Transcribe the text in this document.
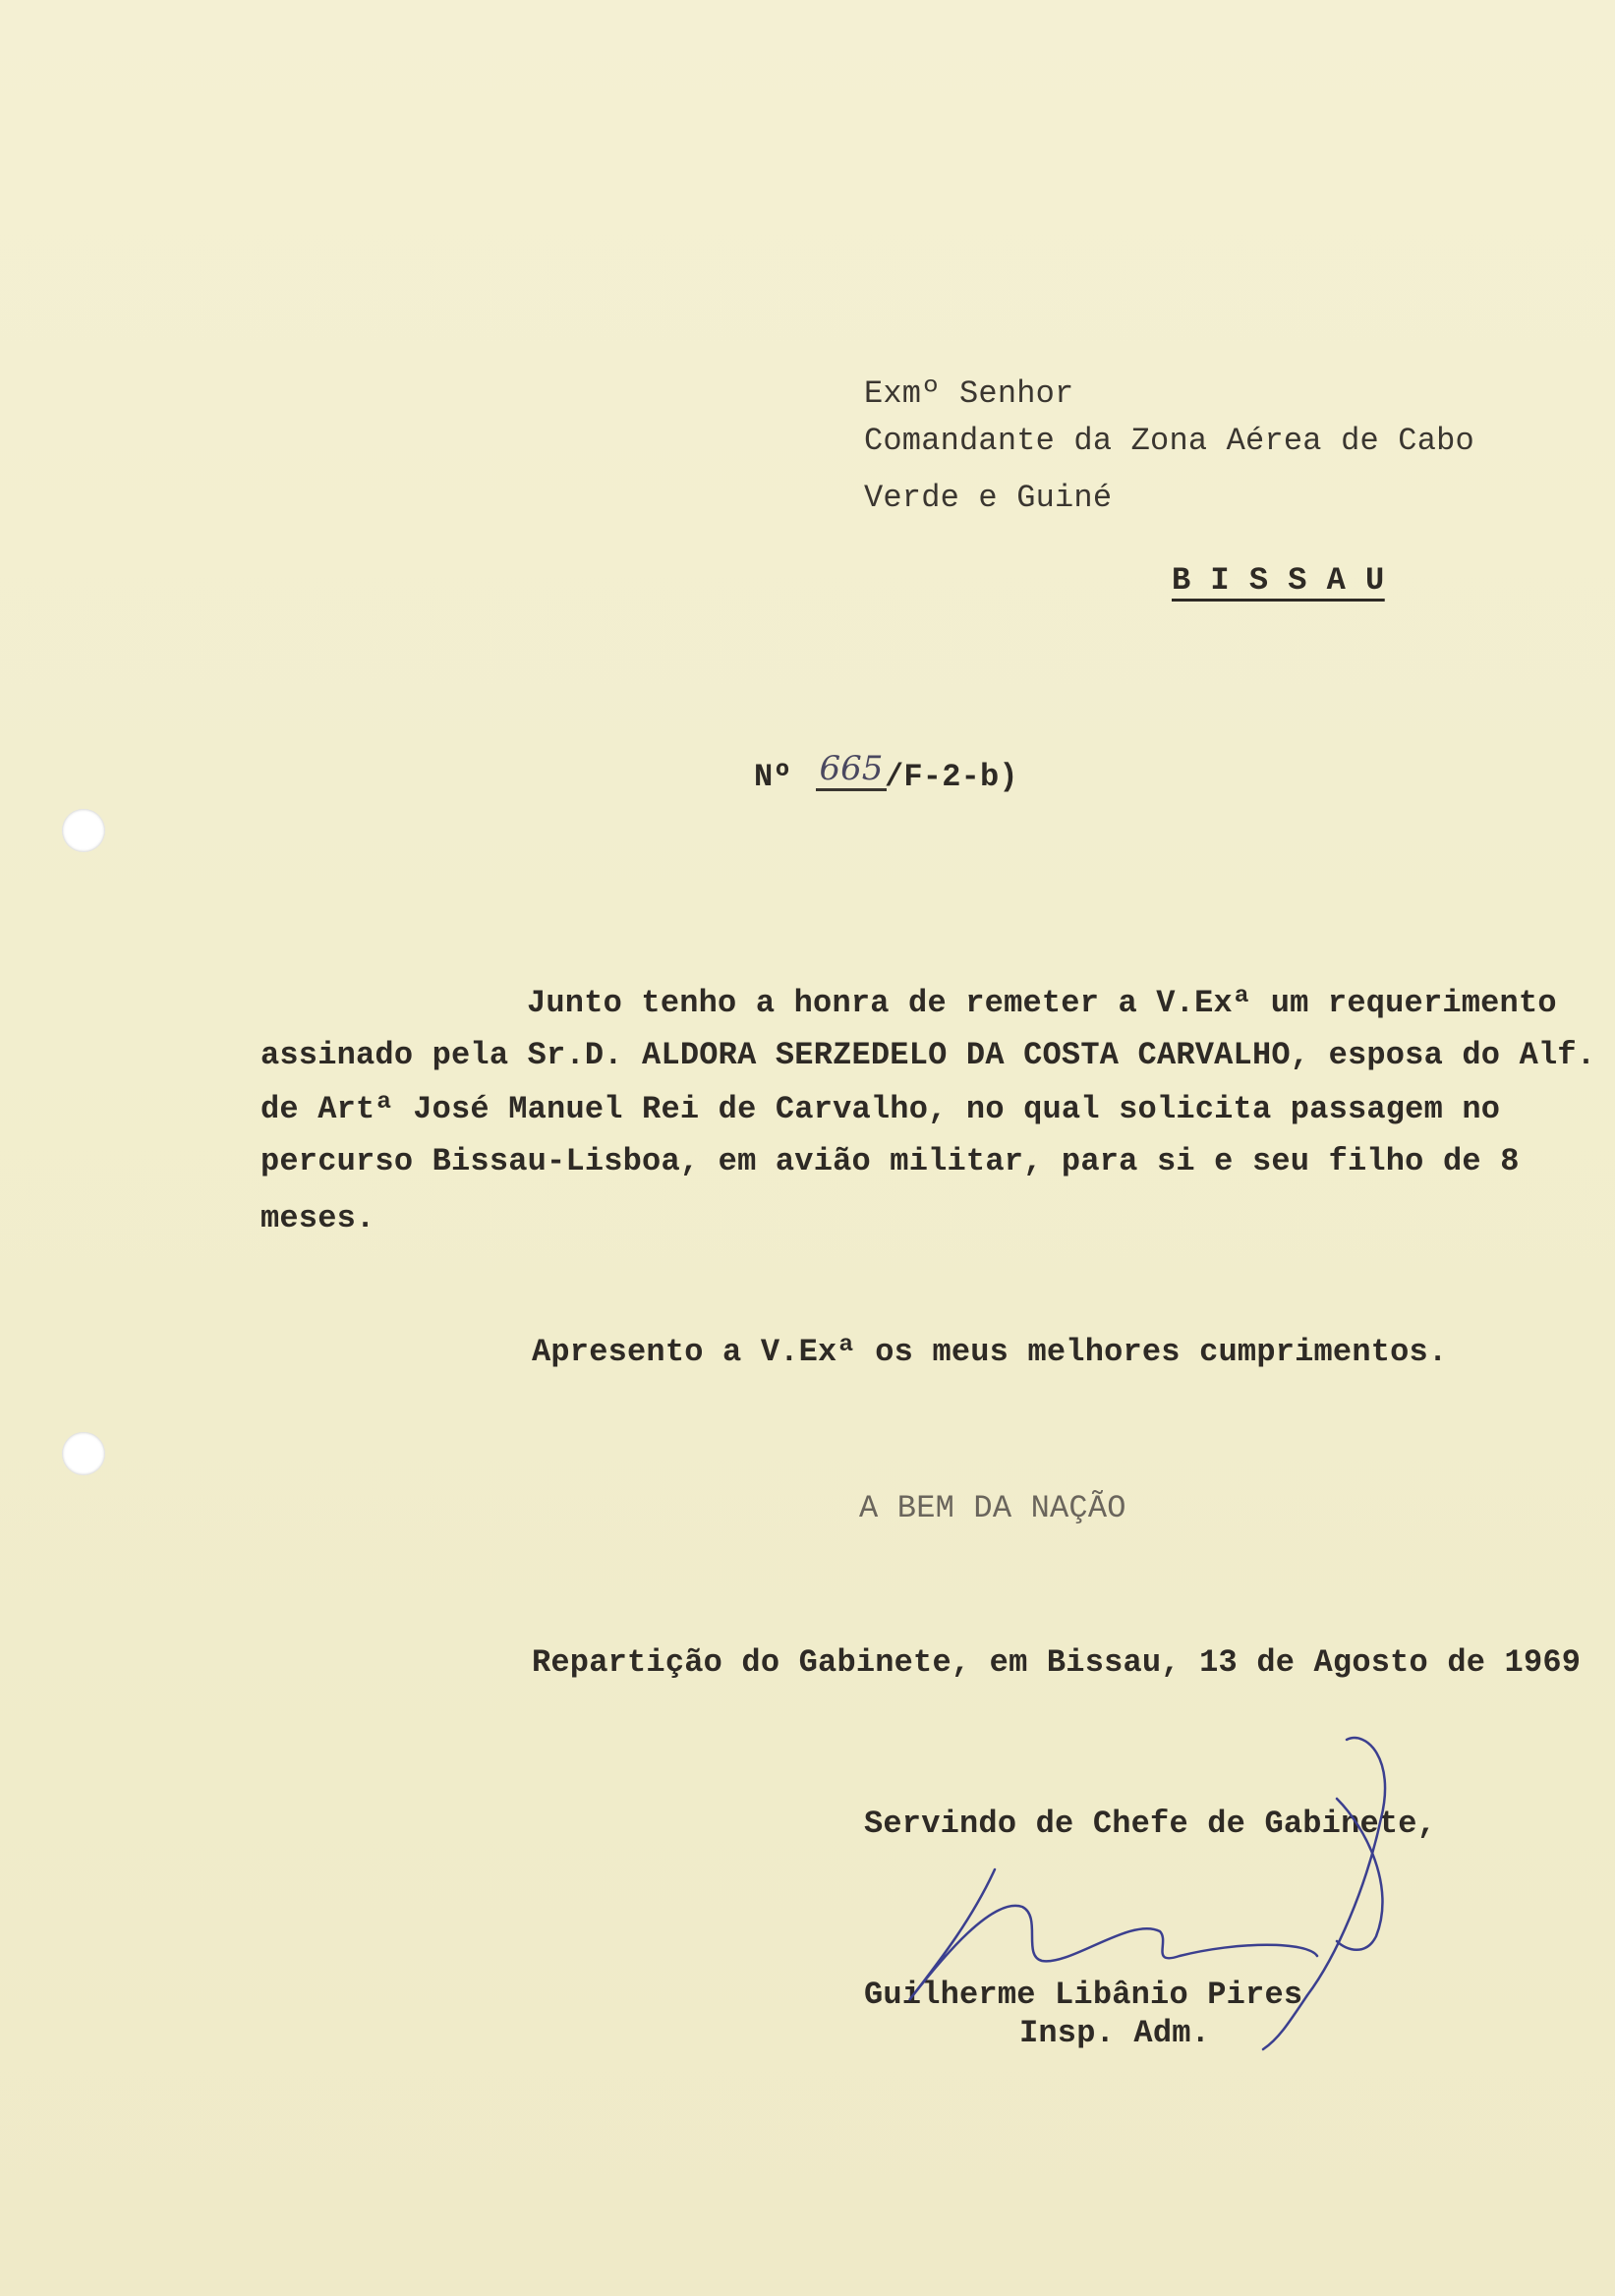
Exmº Senhor
Comandante da Zona Aérea de Cabo
Verde e Guiné
B I S S A U
Nº 665 /F-2-b)
Junto tenho a honra de remeter a V.Exª um requerimento
assinado pela Sr.D. ALDORA SERZEDELO DA COSTA CARVALHO, esposa do Alf.
de Artª José Manuel Rei de Carvalho, no qual solicita passagem no
percurso Bissau-Lisboa, em avião militar, para si e seu filho de 8
meses.
Apresento a V.Exª os meus melhores cumprimentos.
A BEM DA NAÇÃO
Repartição do Gabinete, em Bissau, 13 de Agosto de 1969
Servindo de Chefe de Gabinete,
Guilherme Libânio Pires
Insp. Adm.
